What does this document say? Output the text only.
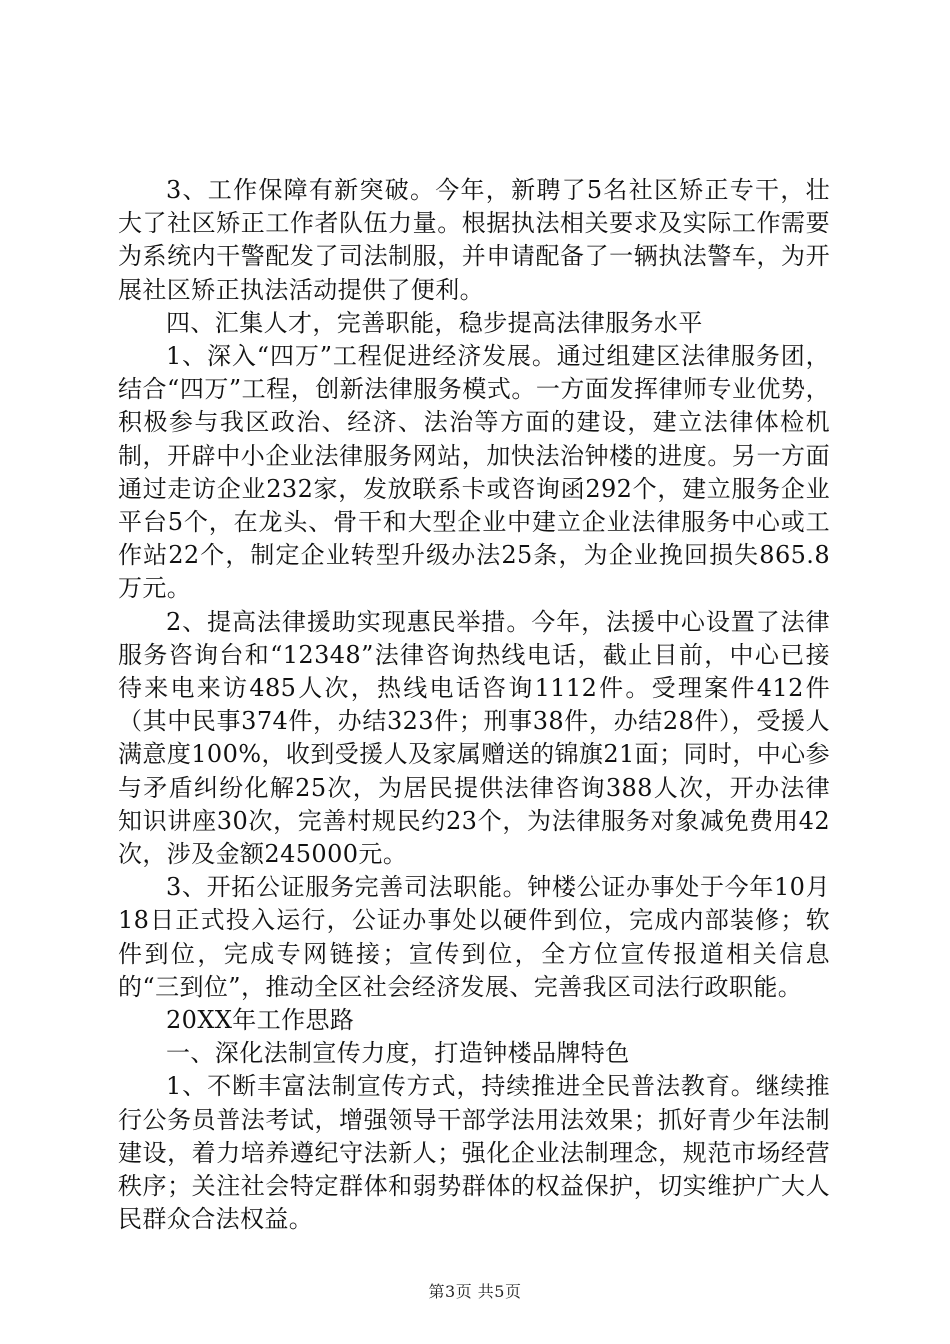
3、工作保障有新突破。今年，新聘了5名社区矫正专干，壮大了社区矫正工作者队伍力量。根据执法相关要求及实际工作需要为系统内干警配发了司法制服，并申请配备了一辆执法警车，为开展社区矫正执法活动提供了便利。

四、汇集人才，完善职能，稳步提高法律服务水平

1、深入“四万”工程促进经济发展。通过组建区法律服务团，结合“四万”工程，创新法律服务模式。一方面发挥律师专业优势，积极参与我区政治、经济、法治等方面的建设，建立法律体检机制，开辟中小企业法律服务网站，加快法治钟楼的进度。另一方面通过走访企业232家，发放联系卡或咨询函292个，建立服务企业平台5个，在龙头、骨干和大型企业中建立企业法律服务中心或工作站22个，制定企业转型升级办法25条，为企业挽回损失865.8万元。

2、提高法律援助实现惠民举措。今年，法援中心设置了法律服务咨询台和“12348”法律咨询热线电话，截止目前，中心已接待来电来访485人次，热线电话咨询1112件。受理案件412件（其中民事374件，办结323件；刑事38件，办结28件），受援人满意度100%，收到受援人及家属赠送的锦旗21面；同时，中心参与矛盾纠纷化解25次，为居民提供法律咨询388人次，开办法律知识讲座30次，完善村规民约23个，为法律服务对象减免费用42次，涉及金额245000元。

3、开拓公证服务完善司法职能。钟楼公证办事处于今年10月18日正式投入运行，公证办事处以硬件到位，完成内部装修；软件到位，完成专网链接；宣传到位，全方位宣传报道相关信息的“三到位”，推动全区社会经济发展、完善我区司法行政职能。

20XX年工作思路

一、深化法制宣传力度，打造钟楼品牌特色

1、不断丰富法制宣传方式，持续推进全民普法教育。继续推行公务员普法考试，增强领导干部学法用法效果；抓好青少年法制建设，着力培养遵纪守法新人；强化企业法制理念，规范市场经营秩序；关注社会特定群体和弱势群体的权益保护，切实维护广大人民群众合法权益。

第3页 共5页
